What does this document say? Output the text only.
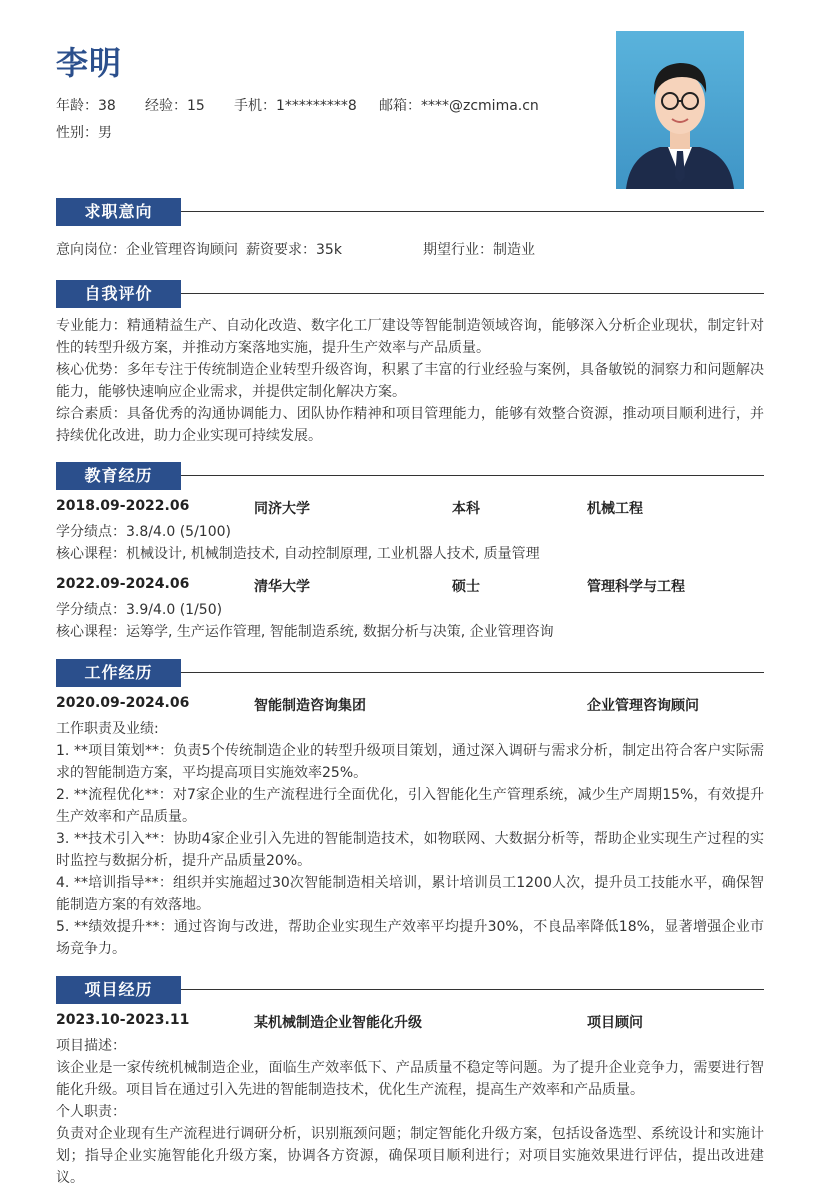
李明
年龄：38 经验：15 手机：1*********8 邮箱：****@zcmima.cn
性别：男
求职意向
意向岗位：企业管理咨询顾问 薪资要求：35k	期望行业：制造业
自我评价
专业能力：精通精益生产、自动化改造、数字化工厂建设等智能制造领域咨询，能够深入分析企业现状，制定针对性的转型升级方案，并推动方案落地实施，提升生产效率与产品质量。
核心优势：多年专注于传统制造企业转型升级咨询，积累了丰富的行业经验与案例，具备敏锐的洞察力和问题解决能力，能够快速响应企业需求，并提供定制化解决方案。
综合素质：具备优秀的沟通协调能力、团队协作精神和项目管理能力，能够有效整合资源，推动项目顺利进行，并持续优化改进，助力企业实现可持续发展。
教育经历
2018.09-2022.06	同济大学	本科	机械工程
学分绩点：3.8/4.0 (5/100)
核心课程：机械设计, 机械制造技术, 自动控制原理, 工业机器人技术, 质量管理
2022.09-2024.06	清华大学	硕士	管理科学与工程
学分绩点：3.9/4.0 (1/50)
核心课程：运筹学, 生产运作管理, 智能制造系统, 数据分析与决策, 企业管理咨询
工作经历
2020.09-2024.06	智能制造咨询集团	企业管理咨询顾问
工作职责及业绩:
1. **项目策划**：负责5个传统制造企业的转型升级项目策划，通过深入调研与需求分析，制定出符合客户实际需求的智能制造方案，平均提高项目实施效率25%。
2. **流程优化**：对7家企业的生产流程进行全面优化，引入智能化生产管理系统，减少生产周期15%，有效提升生产效率和产品质量。
3. **技术引入**：协助4家企业引入先进的智能制造技术，如物联网、大数据分析等，帮助企业实现生产过程的实时监控与数据分析，提升产品质量20%。
4. **培训指导**：组织并实施超过30次智能制造相关培训，累计培训员工1200人次，提升员工技能水平，确保智能制造方案的有效落地。
5. **绩效提升**：通过咨询与改进，帮助企业实现生产效率平均提升30%，不良品率降低18%，显著增强企业市场竞争力。
项目经历
2023.10-2023.11	某机械制造企业智能化升级	项目顾问
项目描述：
该企业是一家传统机械制造企业，面临生产效率低下、产品质量不稳定等问题。为了提升企业竞争力，需要进行智能化升级。项目旨在通过引入先进的智能制造技术，优化生产流程，提高生产效率和产品质量。
个人职责：
负责对企业现有生产流程进行调研分析，识别瓶颈问题；制定智能化升级方案，包括设备选型、系统设计和实施计划；指导企业实施智能化升级方案，协调各方资源，确保项目顺利进行；对项目实施效果进行评估，提出改进建议。
